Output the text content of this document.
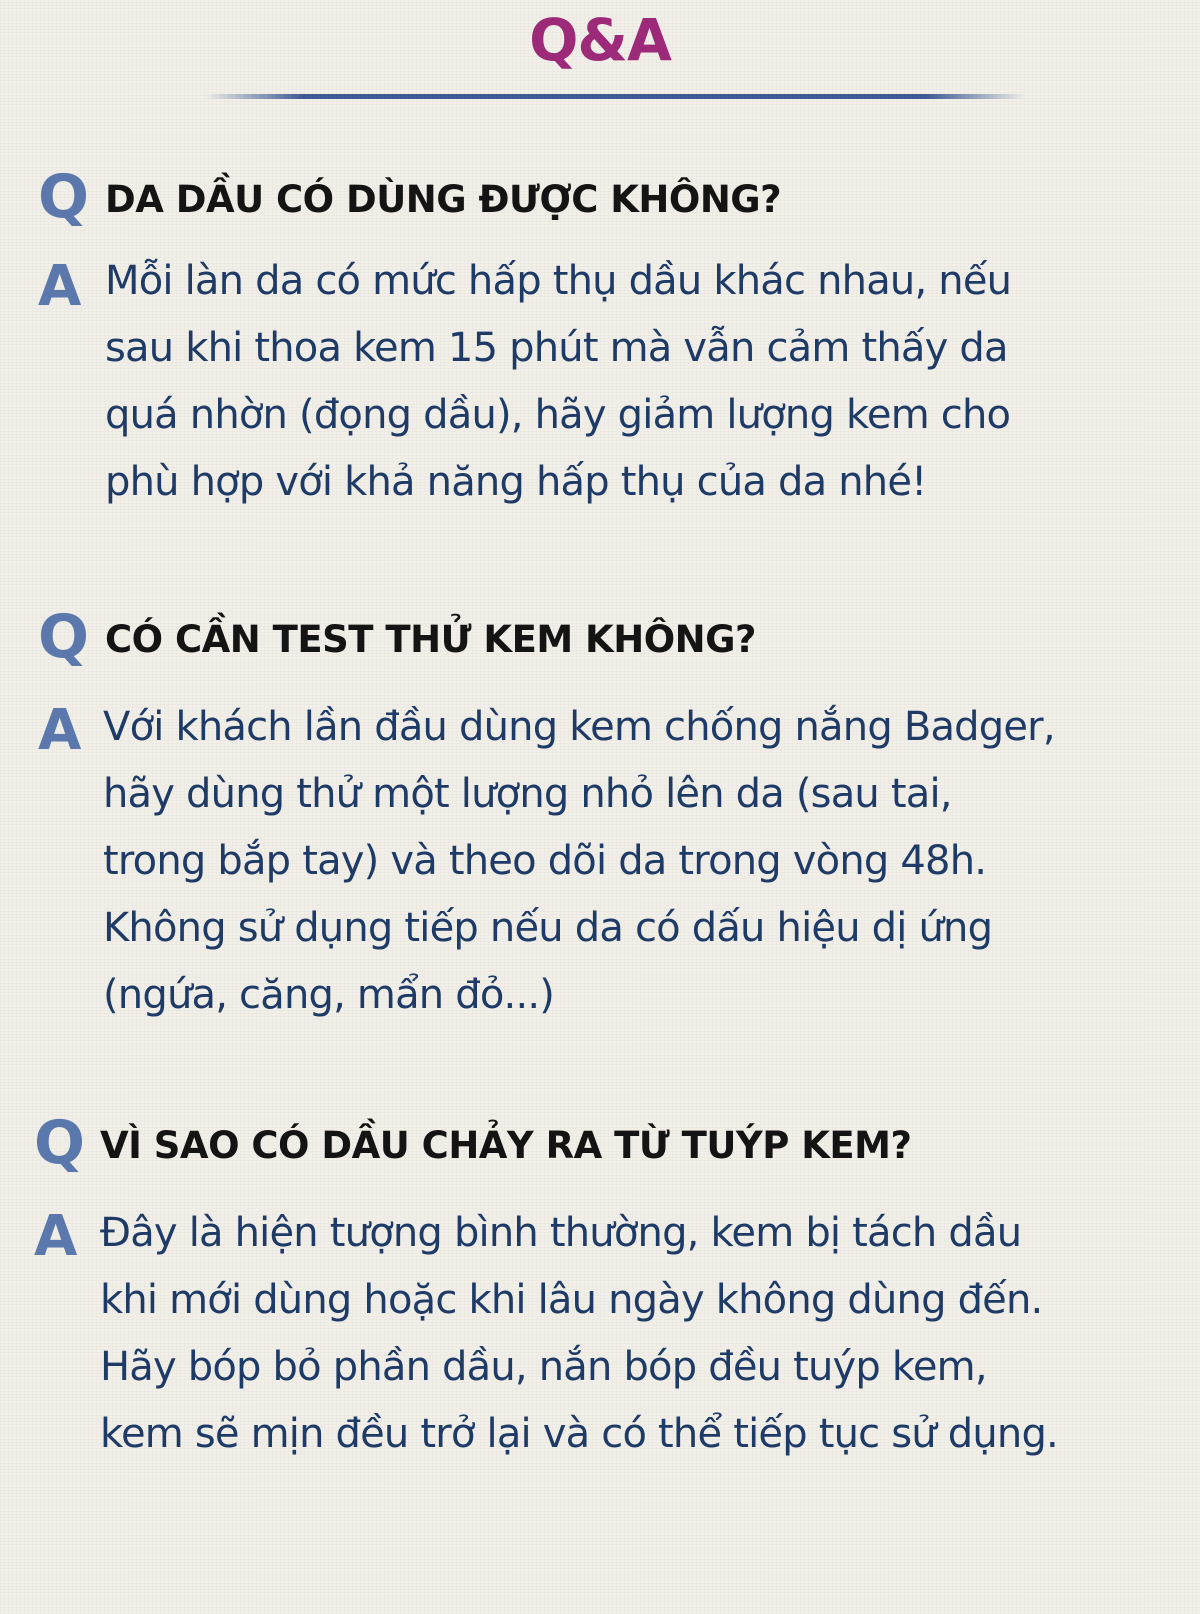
Q&A
Q DA DẦU CÓ DÙNG ĐƯỢC KHÔNG?
A Mỗi làn da có mức hấp thụ dầu khác nhau, nếu
sau khi thoa kem 15 phút mà vẫn cảm thấy da
quá nhờn (đọng dầu), hãy giảm lượng kem cho
phù hợp với khả năng hấp thụ của da nhé!

Q CÓ CẦN TEST THỬ KEM KHÔNG?
A Với khách lần đầu dùng kem chống nắng Badger,
hãy dùng thử một lượng nhỏ lên da (sau tai,
trong bắp tay) và theo dõi da trong vòng 48h.
Không sử dụng tiếp nếu da có dấu hiệu dị ứng
(ngứa, căng, mẩn đỏ...)

Q VÌ SAO CÓ DẦU CHẢY RA TỪ TUÝP KEM?
A Đây là hiện tượng bình thường, kem bị tách dầu
khi mới dùng hoặc khi lâu ngày không dùng đến.
Hãy bóp bỏ phần dầu, nắn bóp đều tuýp kem,
kem sẽ mịn đều trở lại và có thể tiếp tục sử dụng.
